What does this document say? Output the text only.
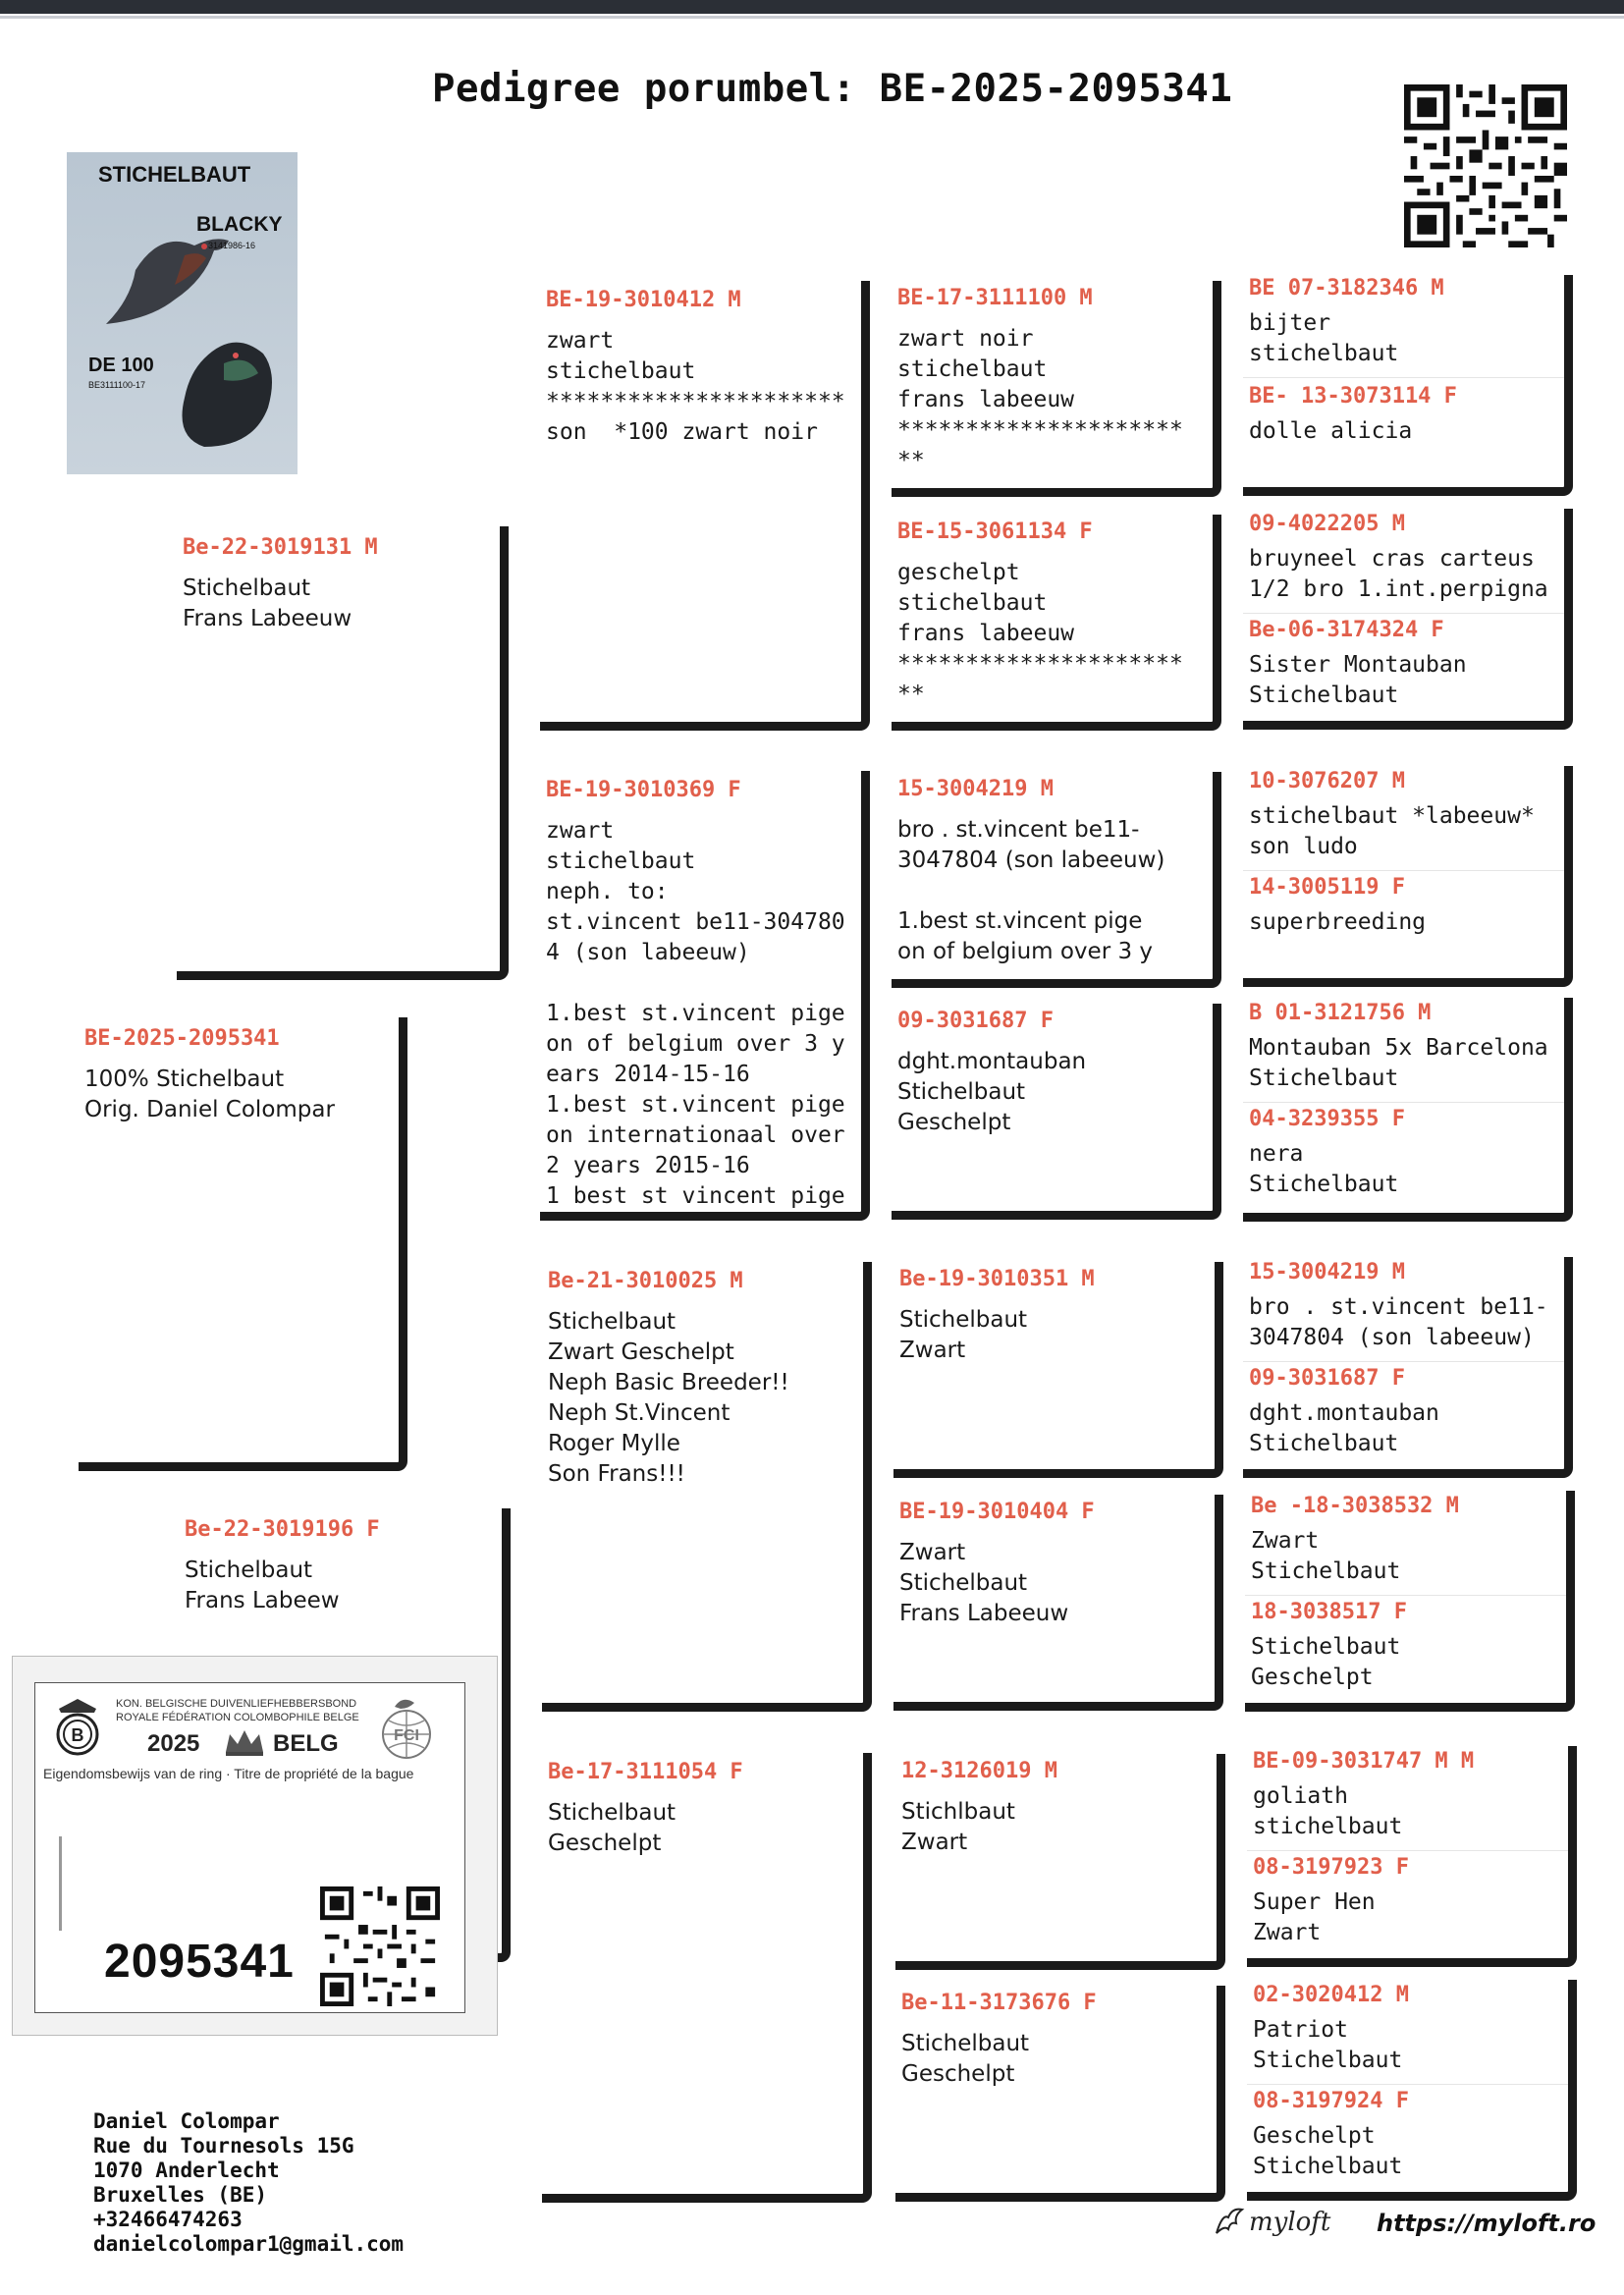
Pedigree porumbel: BE-2025-2095341
STICHELBAUT
BLACKY
3141986-16
DE 100
BE3111100-17
BE-2025-2095341
100% Stichelbaut
Orig. Daniel Colompar
Be-22-3019131 M
Stichelbaut
Frans Labeeuw
Be-22-3019196 F
Stichelbaut
Frans Labeew
BE-19-3010412 M
zwart
stichelbaut
**********************
son  *100 zwart noir
BE-19-3010369 F
zwart
stichelbaut
neph. to:
st.vincent be11-304780
4 (son labeeuw)

1.best st.vincent pige
on of belgium over 3 y
ears 2014-15-16
1.best st.vincent pige
on internationaal over
2 years 2015-16
1 best st vincent pige
Be-21-3010025 M
Stichelbaut
Zwart Geschelpt
Neph Basic Breeder!!
Neph St.Vincent
Roger Mylle
Son Frans!!!
Be-17-3111054 F
Stichelbaut
Geschelpt
BE-17-3111100 M
zwart noir
stichelbaut
frans labeeuw
*********************
**
BE-15-3061134 F
geschelpt
stichelbaut
frans labeeuw
*********************
**
15-3004219 M
bro . st.vincent be11-
3047804 (son labeeuw)

1.best st.vincent pige
on of belgium over 3 y
09-3031687 F
dght.montauban
Stichelbaut
Geschelpt
Be-19-3010351 M
Stichelbaut
Zwart
BE-19-3010404 F
Zwart
Stichelbaut
Frans Labeeuw
12-3126019 M
Stichlbaut
Zwart
Be-11-3173676 F
Stichelbaut
Geschelpt
BE 07-3182346 M
bijter
stichelbaut
BE- 13-3073114 F
dolle alicia
09-4022205 M
bruyneel cras carteus
1/2 bro 1.int.perpigna
Be-06-3174324 F
Sister Montauban
Stichelbaut
10-3076207 M
stichelbaut *labeeuw*
son ludo
14-3005119 F
superbreeding
B 01-3121756 M
Montauban 5x Barcelona
Stichelbaut
04-3239355 F
nera
Stichelbaut
15-3004219 M
bro . st.vincent be11-
3047804 (son labeeuw)
09-3031687 F
dght.montauban
Stichelbaut
Be -18-3038532 M
Zwart
Stichelbaut
18-3038517 F
Stichelbaut
Geschelpt
BE-09-3031747 M M
goliath
stichelbaut
08-3197923 F
Super Hen
Zwart
02-3020412 M
Patriot
Stichelbaut
08-3197924 F
Geschelpt
Stichelbaut
B
KON. BELGISCHE DUIVENLIEFHEBBERSBOND
ROYALE FÉDÉRATION COLOMBOPHILE BELGE
2025	BELG	FCI
Eigendomsbewijs van de ring · Titre de propriété de la bague
2095341
Daniel Colompar
Rue du Tournesols 15G
1070 Anderlecht
Bruxelles (BE)
+32466474263
danielcolompar1@gmail.com
myloft https://myloft.ro
